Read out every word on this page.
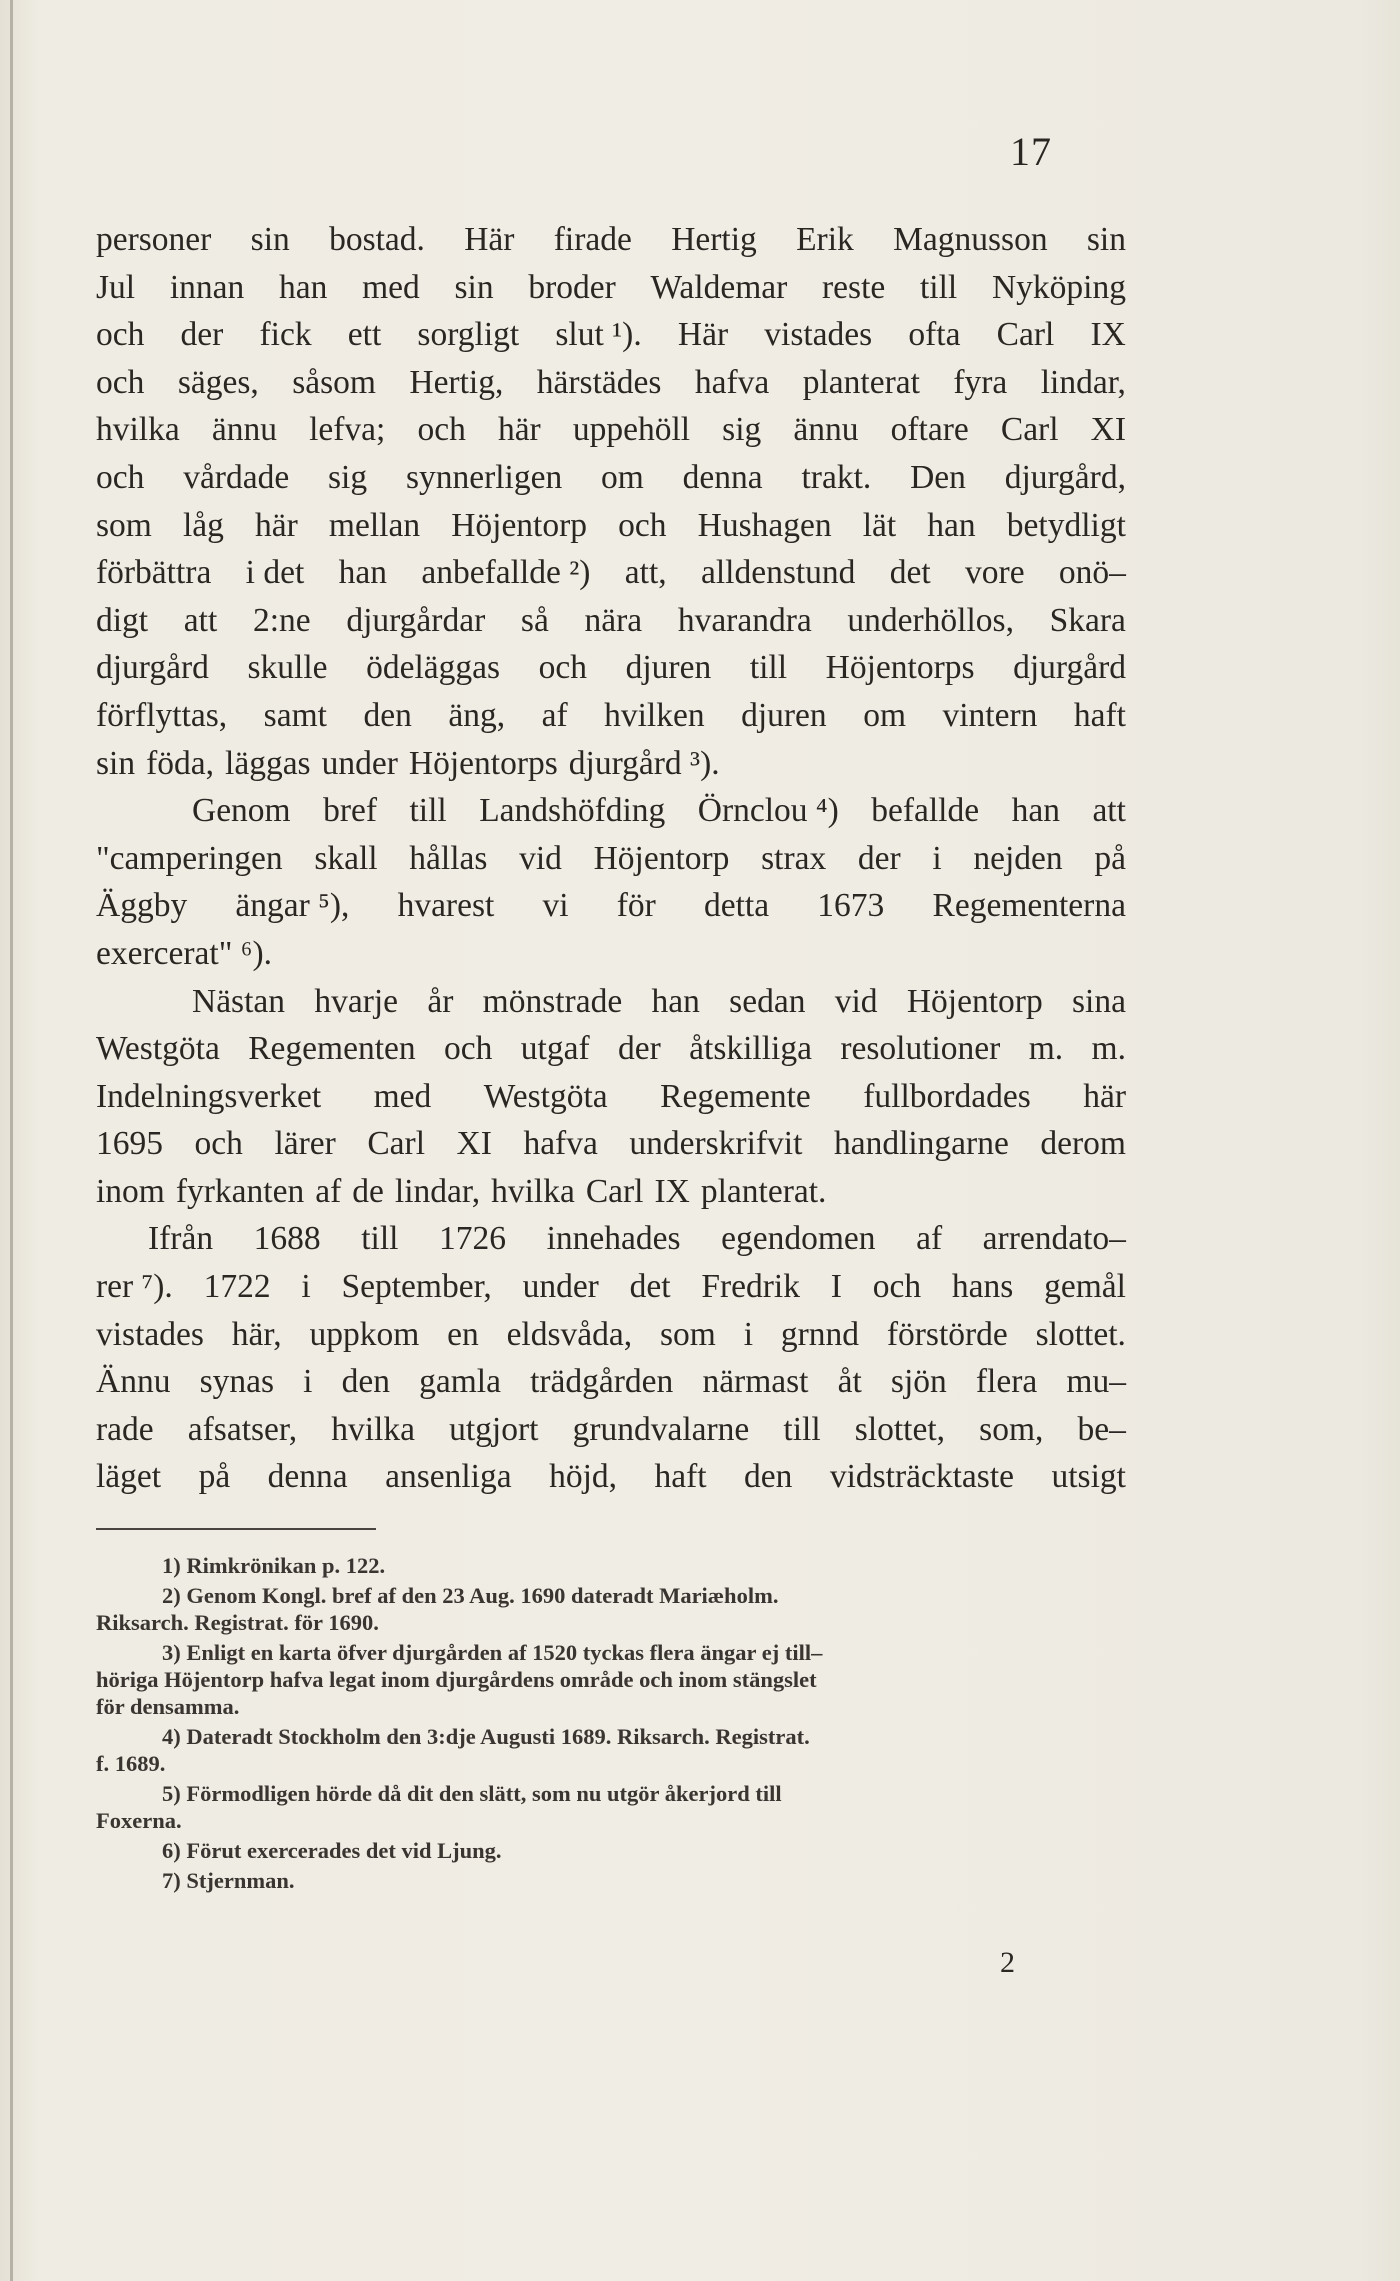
17
personer sin bostad. Här firade Hertig Erik Magnusson sin
Jul innan han med sin broder Waldemar reste till Nyköping
och der fick ett sorgligt slut ¹). Här vistades ofta Carl IX
och säges, såsom Hertig, härstädes hafva planterat fyra lindar,
hvilka ännu lefva; och här uppehöll sig ännu oftare Carl XI
och vårdade sig synnerligen om denna trakt. Den djurgård,
som låg här mellan Höjentorp och Hushagen lät han betydligt
förbättra i det han anbefallde ²) att, alldenstund det vore onö–
digt att 2:ne djurgårdar så nära hvarandra underhöllos, Skara
djurgård skulle ödeläggas och djuren till Höjentorps djurgård
förflyttas, samt den äng, af hvilken djuren om vintern haft
sin föda, läggas under Höjentorps djurgård ³).
Genom bref till Landshöfding Örnclou ⁴) befallde han att
"camperingen skall hållas vid Höjentorp strax der i nejden på
Äggby ängar ⁵), hvarest vi för detta 1673 Regementerna
exercerat" ⁶).
Nästan hvarje år mönstrade han sedan vid Höjentorp sina
Westgöta Regementen och utgaf der åtskilliga resolutioner m. m.
Indelningsverket med Westgöta Regemente fullbordades här
1695 och lärer Carl XI hafva underskrifvit handlingarne derom
inom fyrkanten af de lindar, hvilka Carl IX planterat.
Ifrån 1688 till 1726 innehades egendomen af arrendato–
rer ⁷). 1722 i September, under det Fredrik I och hans gemål
vistades här, uppkom en eldsvåda, som i grnnd förstörde slottet.
Ännu synas i den gamla trädgården närmast åt sjön flera mu–
rade afsatser, hvilka utgjort grundvalarne till slottet, som, be–
läget på denna ansenliga höjd, haft den vidsträcktaste utsigt
1) Rimkrönikan p. 122.
2) Genom Kongl. bref af den 23 Aug. 1690 dateradt Mariæholm.
Riksarch. Registrat. för 1690.
3) Enligt en karta öfver djurgården af 1520 tyckas flera ängar ej till–
höriga Höjentorp hafva legat inom djurgårdens område och inom stängslet
för densamma.
4) Dateradt Stockholm den 3:dje Augusti 1689. Riksarch. Registrat.
f. 1689.
5) Förmodligen hörde då dit den slätt, som nu utgör åkerjord till
Foxerna.
6) Förut exercerades det vid Ljung.
7) Stjernman.
2
